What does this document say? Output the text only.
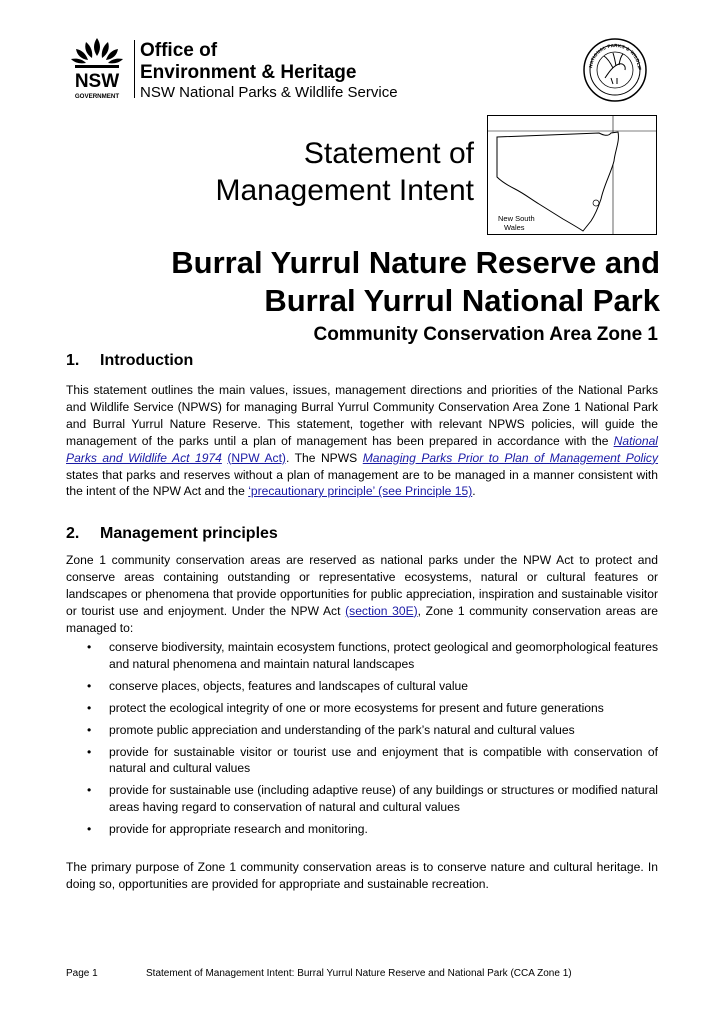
NSW
GOVERNMENT
Office of
Environment & Heritage
NSW National Parks & Wildlife Service
NATIONAL PARKS & WILDLIF
New South
Wales
Statement of
Management Intent
Burral Yurrul Nature Reserve and
Burral Yurrul National Park
Community Conservation Area Zone 1
1. Introduction
This statement outlines the main values, issues, management directions and priorities of the National Parks and Wildlife Service (NPWS) for managing Burral Yurrul Community Conservation Area Zone 1 National Park and Burral Yurrul Nature Reserve. This statement, together with relevant NPWS policies, will guide the management of the parks until a plan of management has been prepared in accordance with the National Parks and Wildlife Act 1974 (NPW Act). The NPWS Managing Parks Prior to Plan of Management Policy states that parks and reserves without a plan of management are to be managed in a manner consistent with the intent of the NPW Act and the ‘precautionary principle’ (see Principle 15).
2. Management principles
Zone 1 community conservation areas are reserved as national parks under the NPW Act to protect and conserve areas containing outstanding or representative ecosystems, natural or cultural features or landscapes or phenomena that provide opportunities for public appreciation, inspiration and sustainable visitor or tourist use and enjoyment. Under the NPW Act (section 30E), Zone 1 community conservation areas are managed to:
• conserve biodiversity, maintain ecosystem functions, protect geological and geomorphological features and natural phenomena and maintain natural landscapes
• conserve places, objects, features and landscapes of cultural value
• protect the ecological integrity of one or more ecosystems for present and future generations
• promote public appreciation and understanding of the park’s natural and cultural values
• provide for sustainable visitor or tourist use and enjoyment that is compatible with conservation of natural and cultural values
• provide for sustainable use (including adaptive reuse) of any buildings or structures or modified natural areas having regard to conservation of natural and cultural values
• provide for appropriate research and monitoring.
The primary purpose of Zone 1 community conservation areas is to conserve nature and cultural heritage. In doing so, opportunities are provided for appropriate and sustainable recreation.
Page 1	Statement of Management Intent: Burral Yurrul Nature Reserve and National Park (CCA Zone 1)
